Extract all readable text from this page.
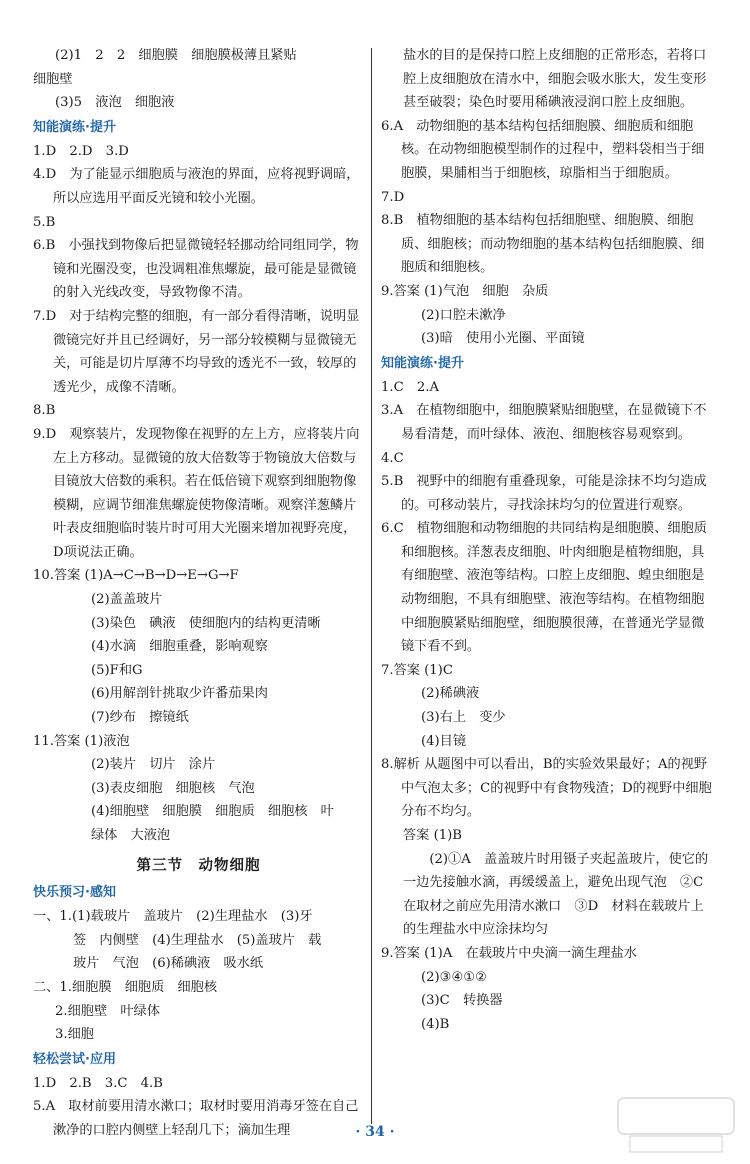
(2)1　2　2　细胞膜　细胞膜极薄且紧贴
细胞壁
(3)5　液泡　细胞液
知能演练·提升
1.D　2.D　3.D
4.D　为了能显示细胞质与液泡的界面，应将视野调暗，所以应选用平面反光镜和较小光圈。
5.B
6.B　小强找到物像后把显微镜轻轻挪动给同组同学，物镜和光圈没变，也没调粗准焦螺旋，最可能是显微镜的射入光线改变，导致物像不清。
7.D　对于结构完整的细胞，有一部分看得清晰，说明显微镜完好并且已经调好，另一部分较模糊与显微镜无关，可能是切片厚薄不均导致的透光不一致，较厚的透光少，成像不清晰。
8.B
9.D　观察装片，发现物像在视野的左上方，应将装片向左上方移动。显微镜的放大倍数等于物镜放大倍数与目镜放大倍数的乘积。若在低倍镜下观察到细胞物像模糊，应调节细准焦螺旋使物像清晰。观察洋葱鳞片叶表皮细胞临时装片时可用大光圈来增加视野亮度，D项说法正确。
10.答案 (1)A→C→B→D→E→G→F
(2)盖盖玻片
(3)染色　碘液　使细胞内的结构更清晰
(4)水滴　细胞重叠，影响观察
(5)F和G
(6)用解剖针挑取少许番茄果肉
(7)纱布　擦镜纸
11.答案 (1)液泡
(2)装片　切片　涂片
(3)表皮细胞　细胞核　气泡
(4)细胞壁　细胞膜　细胞质　细胞核　叶
绿体　大液泡
第三节　动物细胞
快乐预习·感知
一、1.(1)载玻片　盖玻片　(2)生理盐水　(3)牙
签　内侧壁　(4)生理盐水　(5)盖玻片　载
玻片　气泡　(6)稀碘液　吸水纸
二、1.细胞膜　细胞质　细胞核
2.细胞壁　叶绿体
3.细胞
轻松尝试·应用
1.D　2.B　3.C　4.B
5.A　取材前要用清水漱口；取材时要用消毒牙签在自己漱净的口腔内侧壁上轻刮几下；滴加生理
盐水的目的是保持口腔上皮细胞的正常形态，若将口腔上皮细胞放在清水中，细胞会吸水胀大，发生变形甚至破裂；染色时要用稀碘液浸润口腔上皮细胞。
6.A　动物细胞的基本结构包括细胞膜、细胞质和细胞核。在动物细胞模型制作的过程中，塑料袋相当于细胞膜，果脯相当于细胞核，琼脂相当于细胞质。
7.D
8.B　植物细胞的基本结构包括细胞壁、细胞膜、细胞质、细胞核；而动物细胞的基本结构包括细胞膜、细胞质和细胞核。
9.答案 (1)气泡　细胞　杂质
(2)口腔未漱净
(3)暗　使用小光圈、平面镜
知能演练·提升
1.C　2.A
3.A　在植物细胞中，细胞膜紧贴细胞壁，在显微镜下不易看清楚，而叶绿体、液泡、细胞核容易观察到。
4.C
5.B　视野中的细胞有重叠现象，可能是涂抹不均匀造成的。可移动装片，寻找涂抹均匀的位置进行观察。
6.C　植物细胞和动物细胞的共同结构是细胞膜、细胞质和细胞核。洋葱表皮细胞、叶肉细胞是植物细胞，具有细胞壁、液泡等结构。口腔上皮细胞、蝗虫细胞是动物细胞，不具有细胞壁、液泡等结构。在植物细胞中细胞膜紧贴细胞壁，细胞膜很薄，在普通光学显微镜下看不到。
7.答案 (1)C
(2)稀碘液
(3)右上　变少
(4)目镜
8.解析 从题图中可以看出，B的实验效果最好；A的视野中气泡太多；C的视野中有食物残渣；D的视野中细胞分布不均匀。
答案 (1)B
　　(2)①A　盖盖玻片时用镊子夹起盖玻片，使它的一边先接触水滴，再缓缓盖上，避免出现气泡　②C　在取材之前应先用清水漱口　③D　材料在载玻片上的生理盐水中应涂抹均匀
9.答案 (1)A　在载玻片中央滴一滴生理盐水
(2)③④①②
(3)C　转换器
(4)B
· 34 ·
